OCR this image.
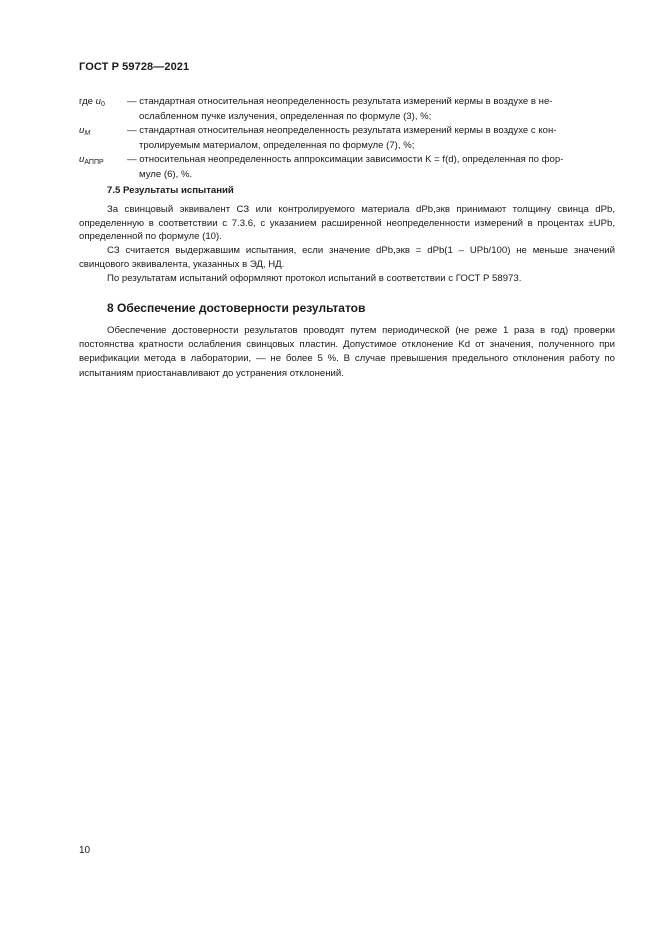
ГОСТ Р 59728—2021
где $u_0$	— стандартная относительная неопределенность результата измерений кермы в воздухе в не-
ослабленном пучке излучения, определенная по формуле (3), %;
$u_M$	— стандартная относительная неопределенность результата измерений кермы в воздухе с кон-
тролируемым материалом, определенная по формуле (7), %;
$u_{АППР}$	— относительная неопределенность аппроксимации зависимости K = f(d), определенная по фор-
муле (6), %.
7.5 Результаты испытаний

За свинцовый эквивалент СЗ или контролируемого материала dPb,экв принимают толщину свинца dPb, определенную в соответствии с 7.3.6, с указанием расширенной неопределенности измерений в процентах ±UPb, определенной по формуле (10).

СЗ считается выдержавшим испытания, если значение dPb,экв = dPb(1 – UPb/100) не меньше значений свинцового эквивалента, указанных в ЭД, НД.

По результатам испытаний оформляют протокол испытаний в соответствии с ГОСТ Р 58973.

8 Обеспечение достоверности результатов

Обеспечение достоверности результатов проводят путем периодической (не реже 1 раза в год) проверки постоянства кратности ослабления свинцовых пластин. Допустимое отклонение Kd от значения, полученного при верификации метода в лаборатории, — не более 5 %. В случае превышения предельного отклонения работу по испытаниям приостанавливают до устранения отклонений.

10
